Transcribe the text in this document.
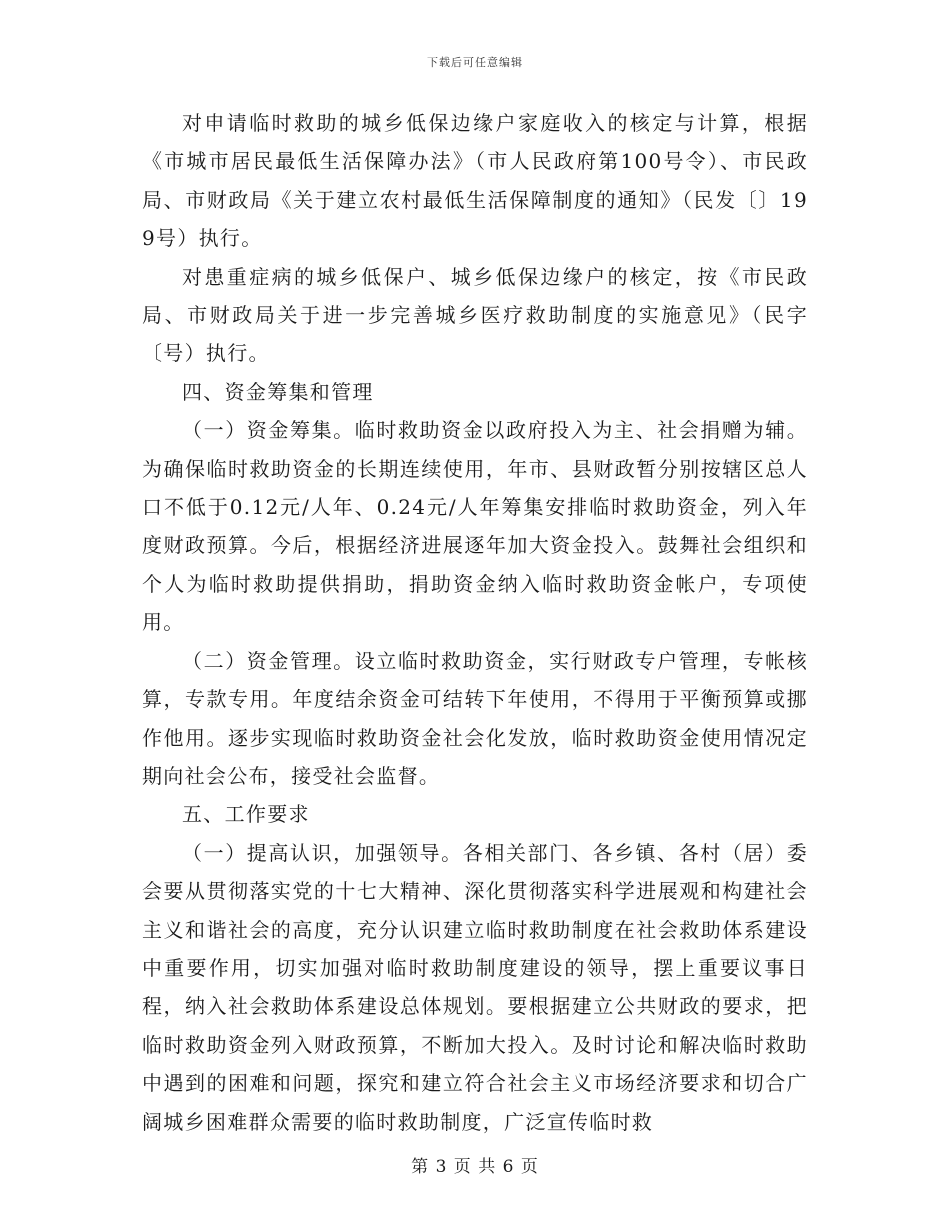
下载后可任意编辑

对申请临时救助的城乡低保边缘户家庭收入的核定与计算，根据《市城市居民最低生活保障办法》（市人民政府第100号令）、市民政局、市财政局《关于建立农村最低生活保障制度的通知》（民发〔〕199号）执行。

对患重症病的城乡低保户、城乡低保边缘户的核定，按《市民政局、市财政局关于进一步完善城乡医疗救助制度的实施意见》（民字〔号）执行。

四、资金筹集和管理

（一）资金筹集。临时救助资金以政府投入为主、社会捐赠为辅。为确保临时救助资金的长期连续使用，年市、县财政暂分别按辖区总人口不低于0.12元/人年、0.24元/人年筹集安排临时救助资金，列入年度财政预算。今后，根据经济进展逐年加大资金投入。鼓舞社会组织和个人为临时救助提供捐助，捐助资金纳入临时救助资金帐户，专项使用。

（二）资金管理。设立临时救助资金，实行财政专户管理，专帐核算，专款专用。年度结余资金可结转下年使用，不得用于平衡预算或挪作他用。逐步实现临时救助资金社会化发放，临时救助资金使用情况定期向社会公布，接受社会监督。

五、工作要求

（一）提高认识，加强领导。各相关部门、各乡镇、各村（居）委会要从贯彻落实党的十七大精神、深化贯彻落实科学进展观和构建社会主义和谐社会的高度，充分认识建立临时救助制度在社会救助体系建设中重要作用，切实加强对临时救助制度建设的领导，摆上重要议事日程，纳入社会救助体系建设总体规划。要根据建立公共财政的要求，把临时救助资金列入财政预算，不断加大投入。及时讨论和解决临时救助中遇到的困难和问题，探究和建立符合社会主义市场经济要求和切合广阔城乡困难群众需要的临时救助制度，广泛宣传临时救

第 3 页 共 6 页
